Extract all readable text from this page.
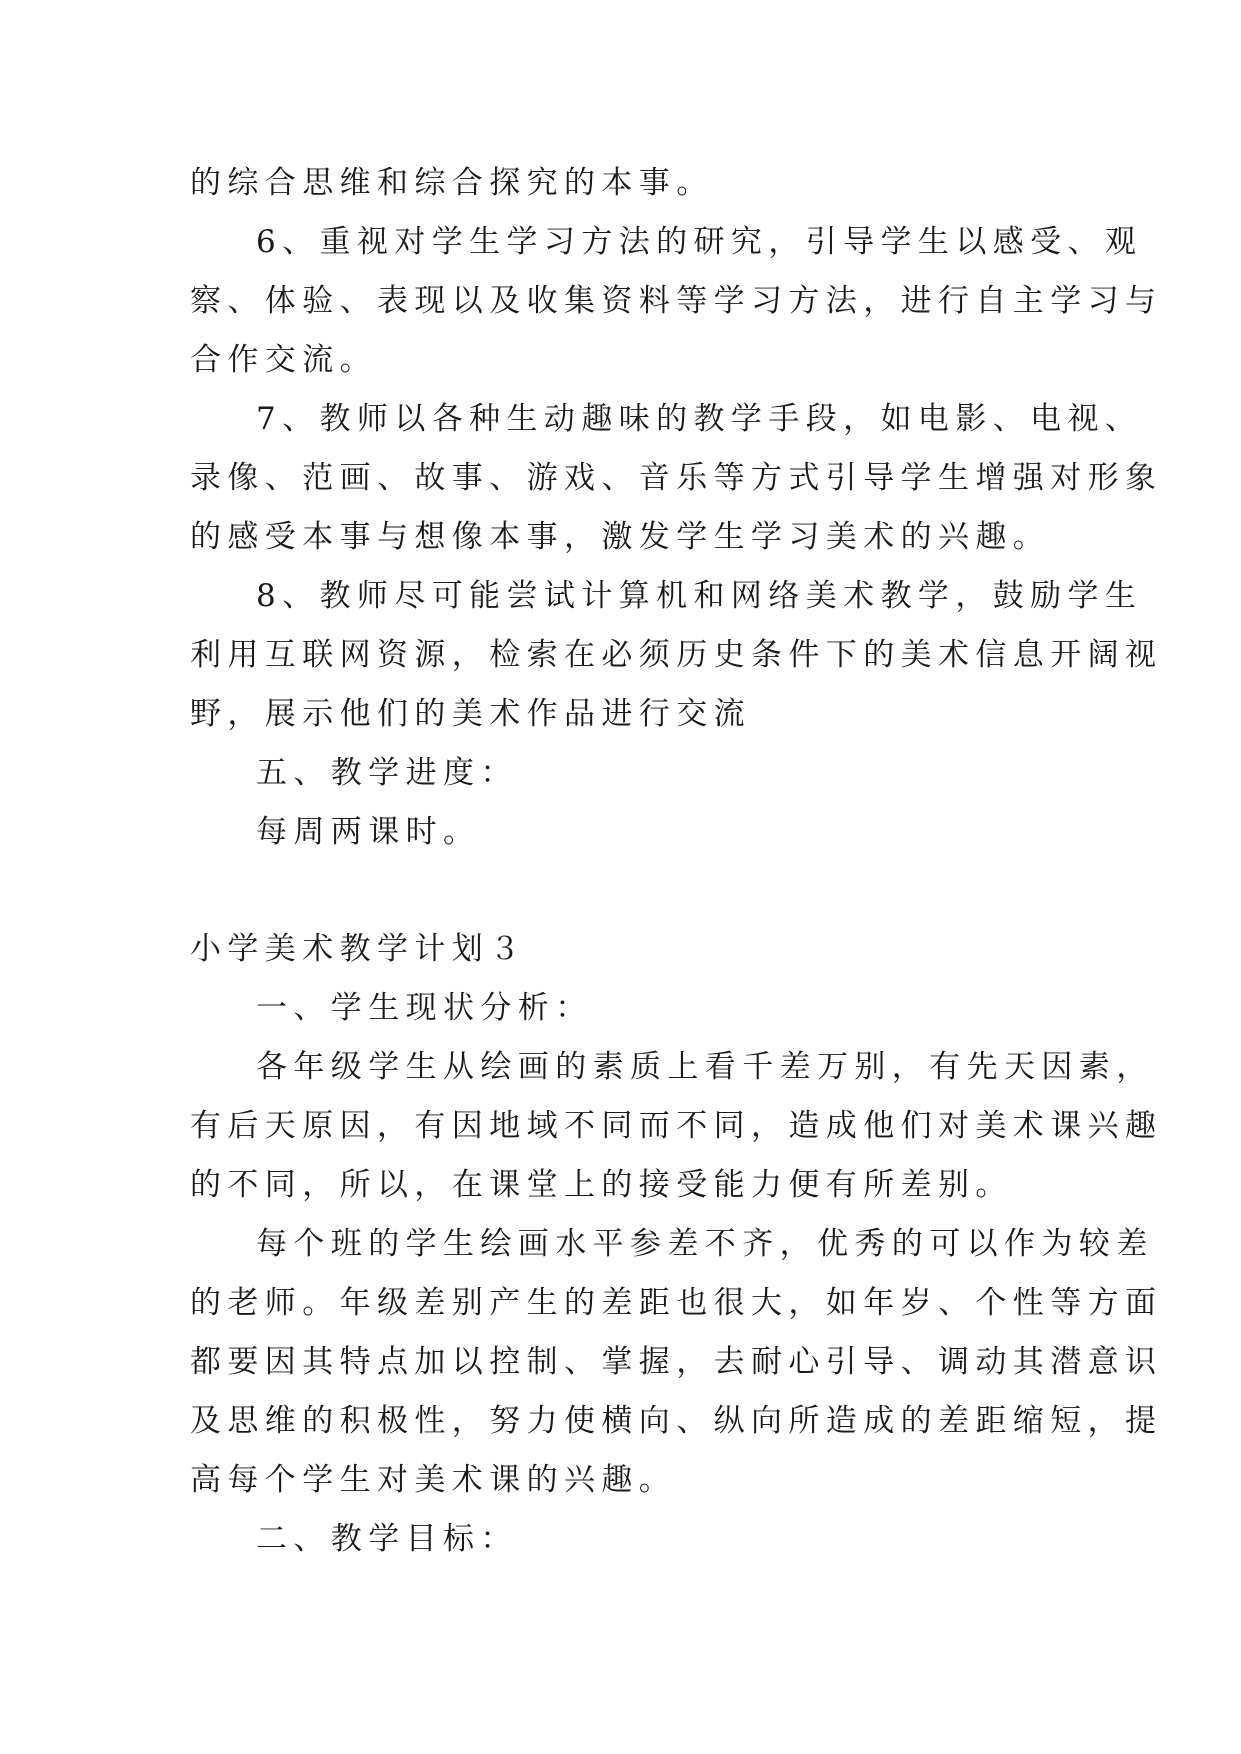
的综合思维和综合探究的本事。
6、重视对学生学习方法的研究，引导学生以感受、观
察、体验、表现以及收集资料等学习方法，进行自主学习与
合作交流。
7、教师以各种生动趣味的教学手段，如电影、电视、
录像、范画、故事、游戏、音乐等方式引导学生增强对形象
的感受本事与想像本事，激发学生学习美术的兴趣。
8、教师尽可能尝试计算机和网络美术教学，鼓励学生
利用互联网资源，检索在必须历史条件下的美术信息开阔视
野，展示他们的美术作品进行交流
五、教学进度：
每周两课时。
小学美术教学计划３
一、学生现状分析：
各年级学生从绘画的素质上看千差万别，有先天因素，
有后天原因，有因地域不同而不同，造成他们对美术课兴趣
的不同，所以，在课堂上的接受能力便有所差别。
每个班的学生绘画水平参差不齐，优秀的可以作为较差
的老师。年级差别产生的差距也很大，如年岁、个性等方面
都要因其特点加以控制、掌握，去耐心引导、调动其潜意识
及思维的积极性，努力使横向、纵向所造成的差距缩短，提
高每个学生对美术课的兴趣。
二、教学目标：
